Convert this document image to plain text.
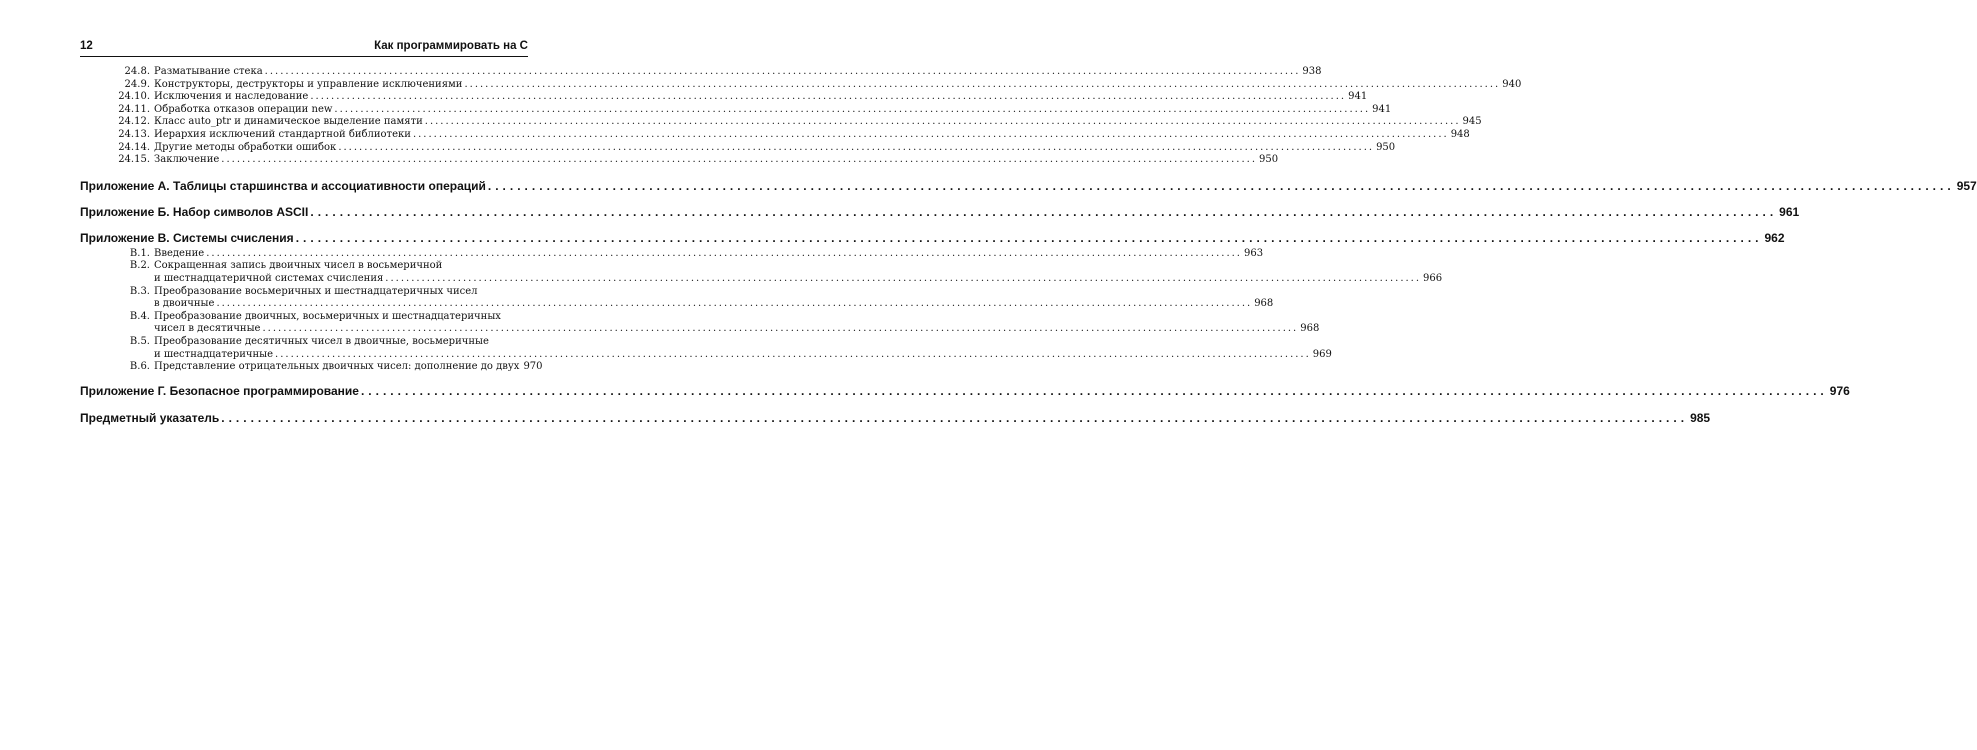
12	Как программировать на С
24.8. Разматывание стека ........................................................................................................................................................................................................ 938
24.9. Конструкторы, деструкторы и управление исключениями ........................................................................................................................................................................................................ 940
24.10. Исключения и наследование ........................................................................................................................................................................................................ 941
24.11. Обработка отказов операции new ........................................................................................................................................................................................................ 941
24.12. Класс auto_ptr и динамическое выделение памяти ........................................................................................................................................................................................................ 945
24.13. Иерархия исключений стандартной библиотеки ........................................................................................................................................................................................................ 948
24.14. Другие методы обработки ошибок ........................................................................................................................................................................................................ 950
24.15. Заключение ........................................................................................................................................................................................................ 950
Приложение А. Таблицы старшинства и ассоциативности операций ........................................................................................................................................................................................................ 957
Приложение Б. Набор символов ASCII ........................................................................................................................................................................................................ 961
Приложение В. Системы счисления ........................................................................................................................................................................................................ 962
В.1. Введение ........................................................................................................................................................................................................ 963
В.2. Сокращенная запись двоичных чисел в восьмеричной
и шестнадцатеричной системах счисления ........................................................................................................................................................................................................ 966
В.3. Преобразование восьмеричных и шестнадцатеричных чисел
в двоичные ........................................................................................................................................................................................................ 968
В.4. Преобразование двоичных, восьмеричных и шестнадцатеричных
чисел в десятичные ........................................................................................................................................................................................................ 968
В.5. Преобразование десятичных чисел в двоичные, восьмеричные
и шестнадцатеричные ........................................................................................................................................................................................................ 969
В.6. Представление отрицательных двоичных чисел: дополнение до двух 970
Приложение Г. Безопасное программирование ........................................................................................................................................................................................................ 976
Предметный указатель ........................................................................................................................................................................................................ 985
